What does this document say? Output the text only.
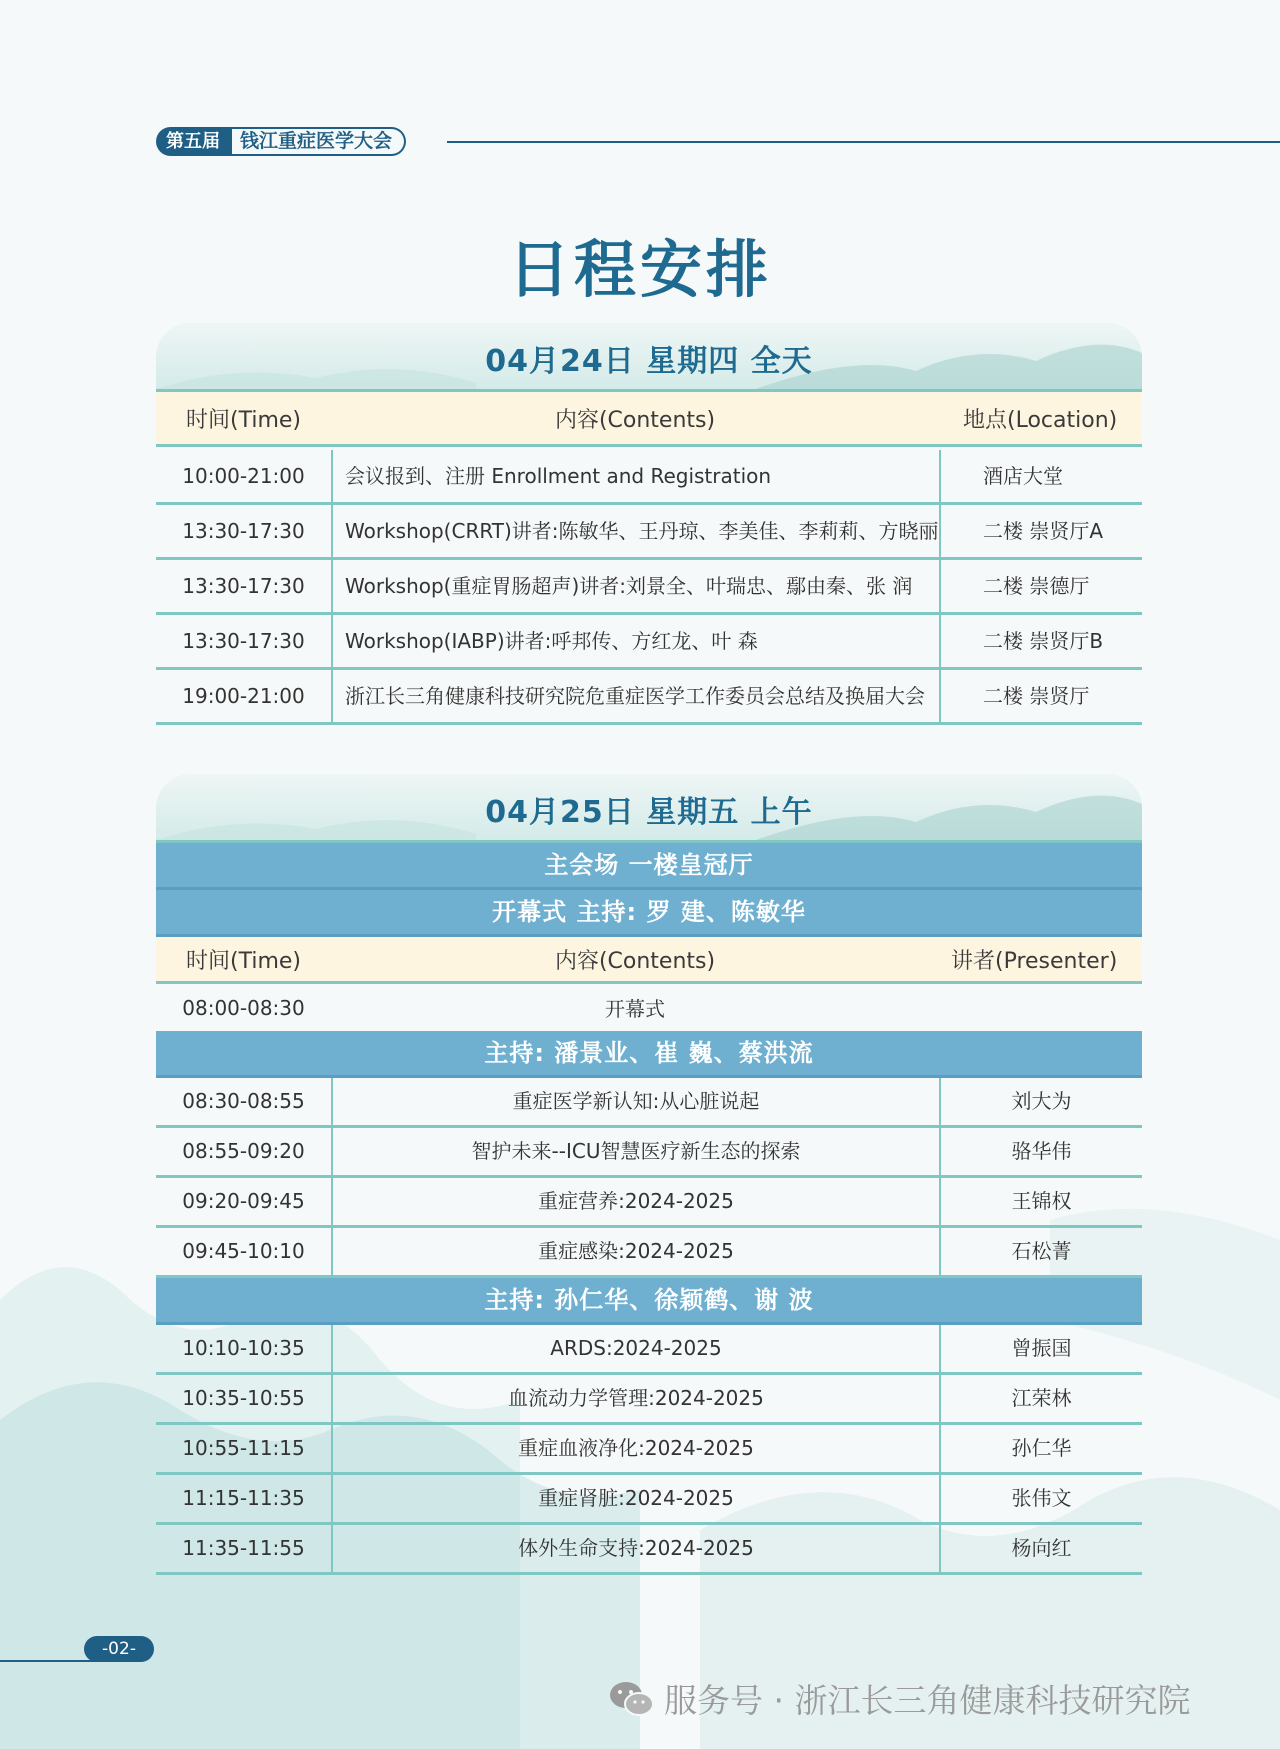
第五届	钱江重症医学大会
日程安排
04月24日 星期四 全天
时间(Time)	内容(Contents)	地点(Location)
10:00-21:00	会议报到、注册 Enrollment and Registration	酒店大堂
13:30-17:30	Workshop(CRRT)讲者:陈敏华、王丹琼、李美佳、李莉莉、方晓丽	二楼 崇贤厅A
13:30-17:30	Workshop(重症胃肠超声)讲者:刘景全、叶瑞忠、鄢由秦、张 润	二楼 崇德厅
13:30-17:30	Workshop(IABP)讲者:呼邦传、方红龙、叶 森	二楼 崇贤厅B
19:00-21:00	浙江长三角健康科技研究院危重症医学工作委员会总结及换届大会	二楼 崇贤厅
04月25日 星期五 上午
主会场 一楼皇冠厅
开幕式 主持: 罗 建、陈敏华
时间(Time)	内容(Contents)	讲者(Presenter)
08:00-08:30	开幕式
主持: 潘景业、崔 巍、蔡洪流
08:30-08:55	重症医学新认知:从心脏说起	刘大为
08:55-09:20	智护未来--ICU智慧医疗新生态的探索	骆华伟
09:20-09:45	重症营养:2024-2025	王锦权
09:45-10:10	重症感染:2024-2025	石松菁
主持: 孙仁华、徐颖鹤、谢 波
10:10-10:35	ARDS:2024-2025	曾振国
10:35-10:55	血流动力学管理:2024-2025	江荣林
10:55-11:15	重症血液净化:2024-2025	孙仁华
11:15-11:35	重症肾脏:2024-2025	张伟文
11:35-11:55	体外生命支持:2024-2025	杨向红
-02-
服务号 · 浙江长三角健康科技研究院
